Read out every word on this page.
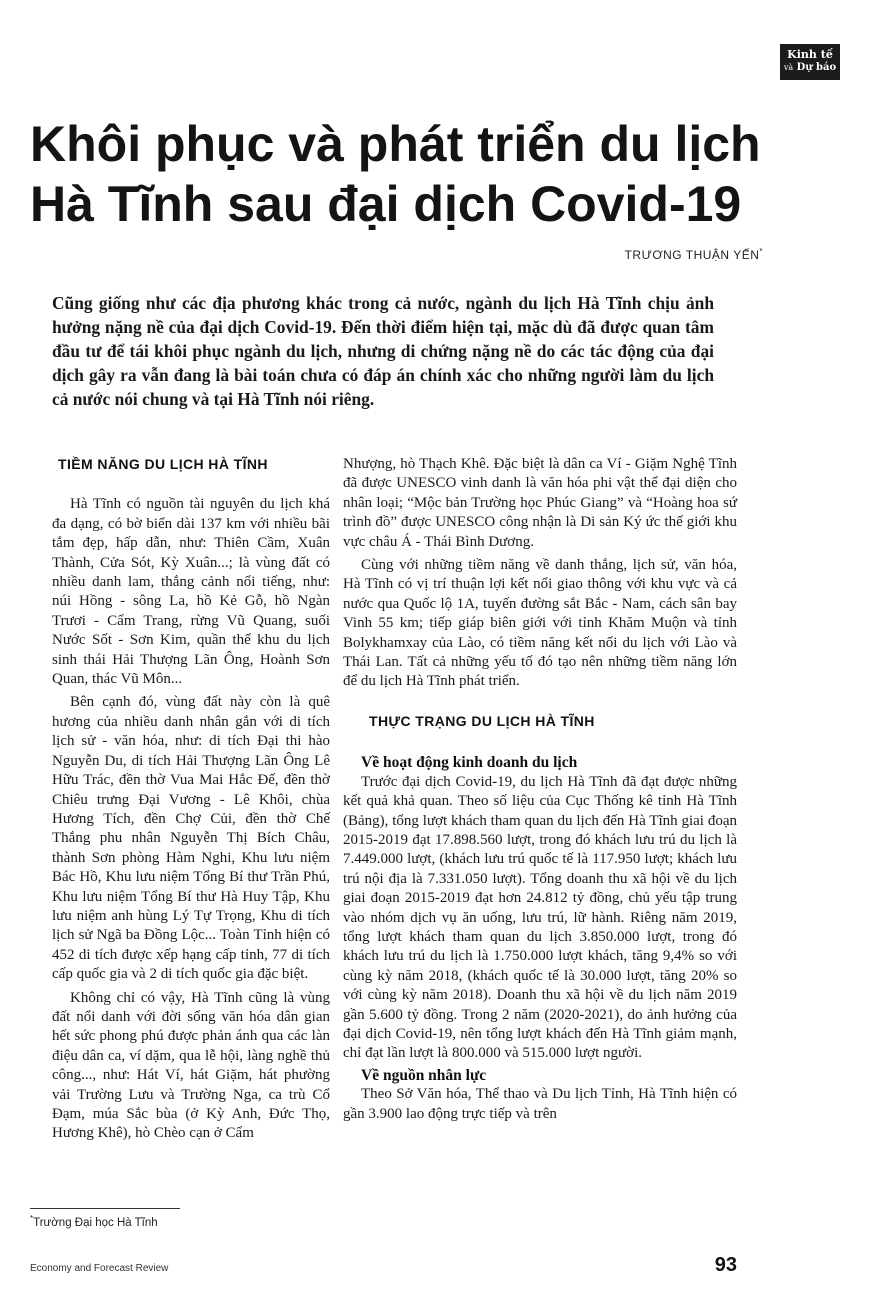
Kinh tế
và Dự báo
Khôi phục và phát triển du lịch
Hà Tĩnh sau đại dịch Covid-19

TRƯƠNG THUẬN YẾN*

Cũng giống như các địa phương khác trong cả nước, ngành du lịch Hà Tĩnh chịu ảnh hưởng nặng nề của đại dịch Covid-19. Đến thời điểm hiện tại, mặc dù đã được quan tâm đầu tư để tái khôi phục ngành du lịch, nhưng di chứng nặng nề do các tác động của đại dịch gây ra vẫn đang là bài toán chưa có đáp án chính xác cho những người làm du lịch cả nước nói chung và tại Hà Tĩnh nói riêng.

TIỀM NĂNG DU LỊCH HÀ TĨNH

Hà Tĩnh có nguồn tài nguyên du lịch khá đa dạng, có bờ biển dài 137 km với nhiều bãi tắm đẹp, hấp dẫn, như: Thiên Cầm, Xuân Thành, Cửa Sót, Kỳ Xuân...; là vùng đất có nhiều danh lam, thắng cảnh nổi tiếng, như: núi Hồng - sông La, hồ Kẻ Gỗ, hồ Ngàn Trươi - Cẩm Trang, rừng Vũ Quang, suối Nước Sốt - Sơn Kim, quần thể khu du lịch sinh thái Hải Thượng Lãn Ông, Hoành Sơn Quan, thác Vũ Môn...

Bên cạnh đó, vùng đất này còn là quê hương của nhiều danh nhân gắn với di tích lịch sử - văn hóa, như: di tích Đại thi hào Nguyễn Du, di tích Hải Thượng Lãn Ông Lê Hữu Trác, đền thờ Vua Mai Hắc Đế, đền thờ Chiêu trưng Đại Vương - Lê Khôi, chùa Hương Tích, đền Chợ Củi, đền thờ Chế Thắng phu nhân Nguyễn Thị Bích Châu, thành Sơn phòng Hàm Nghi, Khu lưu niệm Bác Hồ, Khu lưu niệm Tổng Bí thư Trần Phú, Khu lưu niệm Tổng Bí thư Hà Huy Tập, Khu lưu niệm anh hùng Lý Tự Trọng, Khu di tích lịch sử Ngã ba Đồng Lộc... Toàn Tỉnh hiện có 452 di tích được xếp hạng cấp tỉnh, 77 di tích cấp quốc gia và 2 di tích quốc gia đặc biệt.

Không chỉ có vậy, Hà Tĩnh cũng là vùng đất nổi danh với đời sống văn hóa dân gian hết sức phong phú được phản ánh qua các làn điệu dân ca, ví dặm, qua lễ hội, làng nghề thủ công..., như: Hát Ví, hát Giặm, hát phường vải Trường Lưu và Trường Nga, ca trù Cổ Đạm, múa Sắc bùa (ở Kỳ Anh, Đức Thọ, Hương Khê), hò Chèo cạn ở Cẩm

Nhượng, hò Thạch Khê. Đặc biệt là dân ca Ví - Giặm Nghệ Tĩnh đã được UNESCO vinh danh là văn hóa phi vật thể đại diện cho nhân loại; “Mộc bản Trường học Phúc Giang” và “Hoàng hoa sứ trình đồ” được UNESCO công nhận là Di sản Ký ức thế giới khu vực châu Á - Thái Bình Dương.

Cùng với những tiềm năng về danh thắng, lịch sử, văn hóa, Hà Tĩnh có vị trí thuận lợi kết nối giao thông với khu vực và cả nước qua Quốc lộ 1A, tuyến đường sắt Bắc - Nam, cách sân bay Vinh 55 km; tiếp giáp biên giới với tỉnh Khăm Muộn và tỉnh Bolykhamxay của Lào, có tiềm năng kết nối du lịch với Lào và Thái Lan. Tất cả những yếu tố đó tạo nên những tiềm năng lớn để du lịch Hà Tĩnh phát triển.

THỰC TRẠNG DU LỊCH HÀ TĨNH
Về hoạt động kinh doanh du lịch

Trước đại dịch Covid-19, du lịch Hà Tĩnh đã đạt được những kết quả khả quan. Theo số liệu của Cục Thống kê tỉnh Hà Tĩnh (Bảng), tổng lượt khách tham quan du lịch đến Hà Tĩnh giai đoạn 2015-2019 đạt 17.898.560 lượt, trong đó khách lưu trú du lịch là 7.449.000 lượt, (khách lưu trú quốc tế là 117.950 lượt; khách lưu trú nội địa là 7.331.050 lượt). Tổng doanh thu xã hội về du lịch giai đoạn 2015-2019 đạt hơn 24.812 tỷ đồng, chủ yếu tập trung vào nhóm dịch vụ ăn uống, lưu trú, lữ hành. Riêng năm 2019, tổng lượt khách tham quan du lịch 3.850.000 lượt, trong đó khách lưu trú du lịch là 1.750.000 lượt khách, tăng 9,4% so với cùng kỳ năm 2018, (khách quốc tế là 30.000 lượt, tăng 20% so với cùng kỳ năm 2018). Doanh thu xã hội về du lịch năm 2019 gần 5.600 tỷ đồng. Trong 2 năm (2020-2021), do ảnh hưởng của đại dịch Covid-19, nên tổng lượt khách đến Hà Tĩnh giảm mạnh, chỉ đạt lần lượt là 800.000 và 515.000 lượt người.

Về nguồn nhân lực

Theo Sở Văn hóa, Thể thao và Du lịch Tỉnh, Hà Tĩnh hiện có gần 3.900 lao động trực tiếp và trên

*Trường Đại học Hà Tĩnh

Economy and Forecast Review	93
